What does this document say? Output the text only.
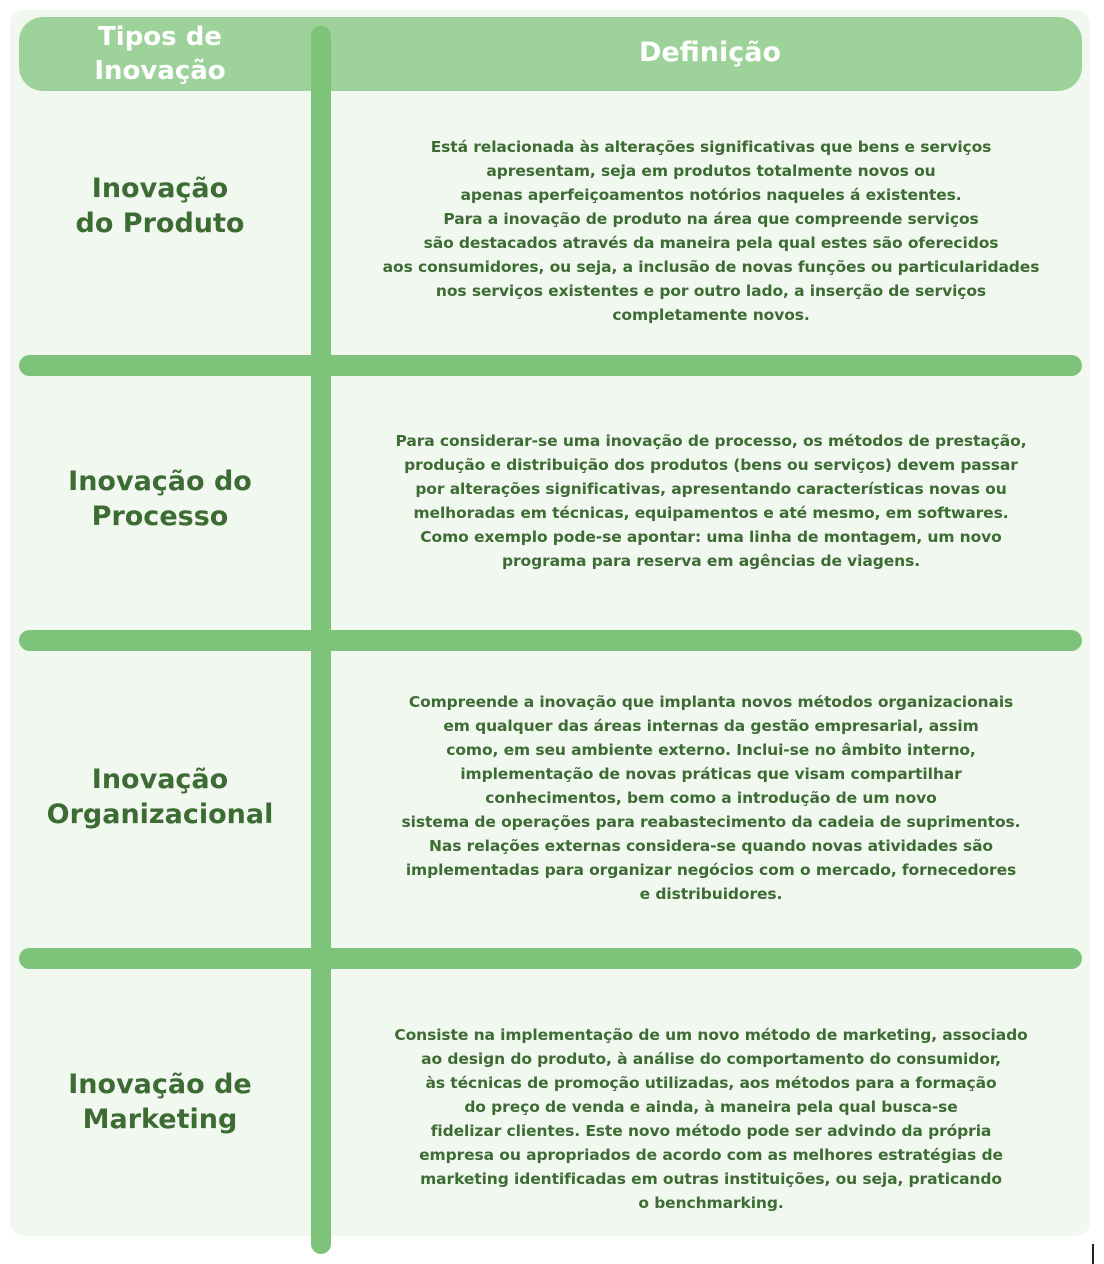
Tipos de
Inovação
Definição
Inovação
do Produto
Está relacionada às alterações significativas que bens e serviços
apresentam, seja em produtos totalmente novos ou
apenas aperfeiçoamentos notórios naqueles á existentes.
Para a inovação de produto na área que compreende serviços
são destacados através da maneira pela qual estes são oferecidos
aos consumidores, ou seja, a inclusão de novas funções ou particularidades
nos serviços existentes e por outro lado, a inserção de serviços
completamente novos.
Inovação do
Processo
Para considerar-se uma inovação de processo, os métodos de prestação,
produção e distribuição dos produtos (bens ou serviços) devem passar
por alterações significativas, apresentando características novas ou
melhoradas em técnicas, equipamentos e até mesmo, em softwares.
Como exemplo pode-se apontar: uma linha de montagem, um novo
programa para reserva em agências de viagens.
Inovação
Organizacional
Compreende a inovação que implanta novos métodos organizacionais
em qualquer das áreas internas da gestão empresarial, assim
como, em seu ambiente externo. Inclui-se no âmbito interno,
implementação de novas práticas que visam compartilhar
conhecimentos, bem como a introdução de um novo
sistema de operações para reabastecimento da cadeia de suprimentos.
Nas relações externas considera-se quando novas atividades são
implementadas para organizar negócios com o mercado, fornecedores
e distribuidores.
Inovação de
Marketing
Consiste na implementação de um novo método de marketing, associado
ao design do produto, à análise do comportamento do consumidor,
às técnicas de promoção utilizadas, aos métodos para a formação
do preço de venda e ainda, à maneira pela qual busca-se
fidelizar clientes. Este novo método pode ser advindo da própria
empresa ou apropriados de acordo com as melhores estratégias de
marketing identificadas em outras instituições, ou seja, praticando
o benchmarking.
